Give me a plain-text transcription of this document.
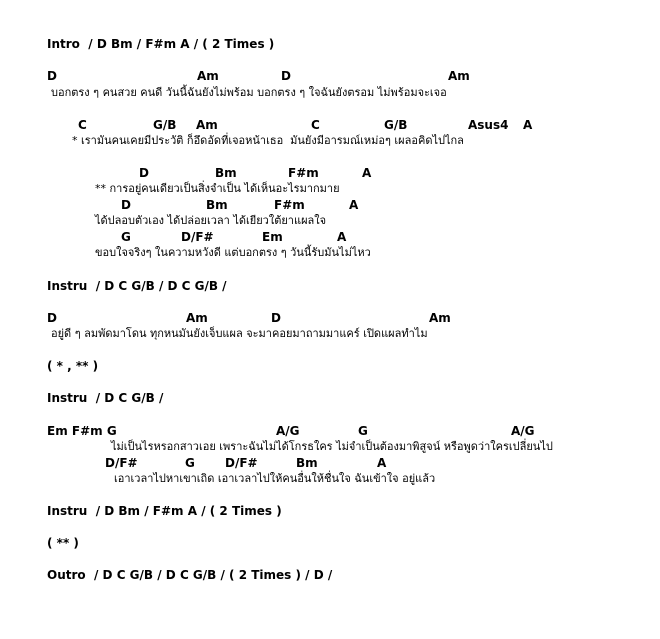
Intro  / D Bm / F#m A / ( 2 Times )
D	Am	D	Am
บอกตรง ๆ คนสวย คนดี วันนี้ฉันยังไม่พร้อม บอกตรง ๆ ใจฉันยังตรอม ไม่พร้อมจะเจอ
C	G/B Am	C	G/B	Asus4 A
* เรามันคนเคยมีประวัติ ก็อึดอัดที่เจอหน้าเธอ  มันยังมีอารมณ์เหม่อๆ เผลอคิดไปไกล
D	Bm	F#m	A
** การอยู่คนเดียวเป็นสิ่งจำเป็น ได้เห็นอะไรมากมาย
D	Bm	F#m	A
ได้ปลอบตัวเอง ได้ปล่อยเวลา ได้เยียวใต้ยาแผลใจ
G	D/F#	Em	A
ขอบใจจริงๆ ในความหวังดี แต่บอกตรง ๆ วันนี้รับมันไม่ไหว
Instru  / D C G/B / D C G/B /
D	Am	D	Am
อยู่ดี ๆ ลมพัดมาโดน ทุกหนมันยังเจ็บแผล จะมาคอยมาถามมาแคร์ เปิดแผลทำไม
( * , ** )
Instru  / D C G/B /
Em F#m G	A/G	G	A/G
ไม่เป็นไรหรอกสาวเอย เพราะฉันไม่ได้โกรธใคร ไม่จำเป็นต้องมาพิสูจน์ หรือพูดว่าใครเปลี่ยนไป
D/F#	G	D/F#	Bm	A
เอาเวลาไปหาเขาเถิด เอาเวลาไปให้คนอื่นให้ชื่นใจ ฉันเข้าใจ อยู่แล้ว
Instru  / D Bm / F#m A / ( 2 Times )
( ** )
Outro  / D C G/B / D C G/B / ( 2 Times ) / D /
